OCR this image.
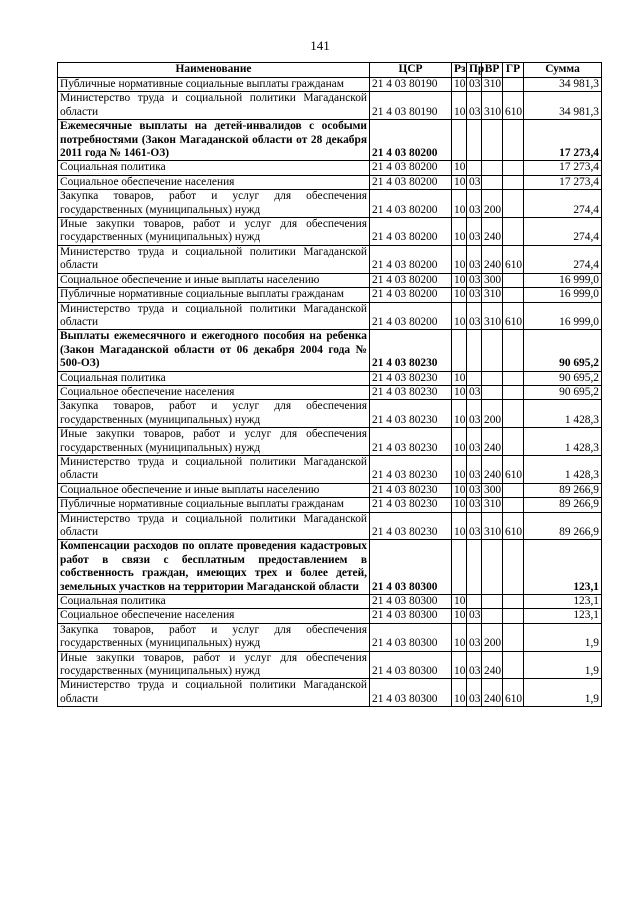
141
Наименование	ЦСР	Рз	Пр	ВР	ГР	Сумма
Публичные нормативные социальные выплаты гражданам	21 4 03 80190	10	03	310		34 981,3
Министерство труда и социальной политики Магаданской области	21 4 03 80190	10	03	310	610	34 981,3
Ежемесячные выплаты на детей-инвалидов с особыми потребностями (Закон Магаданской области от 28 декабря 2011 года № 1461-ОЗ)	21 4 03 80200					17 273,4
Социальная политика	21 4 03 80200	10				17 273,4
Социальное обеспечение населения	21 4 03 80200	10	03			17 273,4
Закупка товаров, работ и услуг для обеспечения государственных (муниципальных) нужд	21 4 03 80200	10	03	200		274,4
Иные закупки товаров, работ и услуг для обеспечения государственных (муниципальных) нужд	21 4 03 80200	10	03	240		274,4
Министерство труда и социальной политики Магаданской области	21 4 03 80200	10	03	240	610	274,4
Социальное обеспечение и иные выплаты населению	21 4 03 80200	10	03	300		16 999,0
Публичные нормативные социальные выплаты гражданам	21 4 03 80200	10	03	310		16 999,0
Министерство труда и социальной политики Магаданской области	21 4 03 80200	10	03	310	610	16 999,0
Выплаты ежемесячного и ежегодного пособия на ребенка (Закон Магаданской области от 06 декабря 2004 года № 500-ОЗ)	21 4 03 80230					90 695,2
Социальная политика	21 4 03 80230	10				90 695,2
Социальное обеспечение населения	21 4 03 80230	10	03			90 695,2
Закупка товаров, работ и услуг для обеспечения государственных (муниципальных) нужд	21 4 03 80230	10	03	200		1 428,3
Иные закупки товаров, работ и услуг для обеспечения государственных (муниципальных) нужд	21 4 03 80230	10	03	240		1 428,3
Министерство труда и социальной политики Магаданской области	21 4 03 80230	10	03	240	610	1 428,3
Социальное обеспечение и иные выплаты населению	21 4 03 80230	10	03	300		89 266,9
Публичные нормативные социальные выплаты гражданам	21 4 03 80230	10	03	310		89 266,9
Министерство труда и социальной политики Магаданской области	21 4 03 80230	10	03	310	610	89 266,9
Компенсации расходов по оплате проведения кадастровых работ в связи с бесплатным предоставлением в собственность граждан, имеющих трех и более детей, земельных участков на территории Магаданской области	21 4 03 80300					123,1
Социальная политика	21 4 03 80300	10				123,1
Социальное обеспечение населения	21 4 03 80300	10	03			123,1
Закупка товаров, работ и услуг для обеспечения государственных (муниципальных) нужд	21 4 03 80300	10	03	200		1,9
Иные закупки товаров, работ и услуг для обеспечения государственных (муниципальных) нужд	21 4 03 80300	10	03	240		1,9
Министерство труда и социальной политики Магаданской области	21 4 03 80300	10	03	240	610	1,9
